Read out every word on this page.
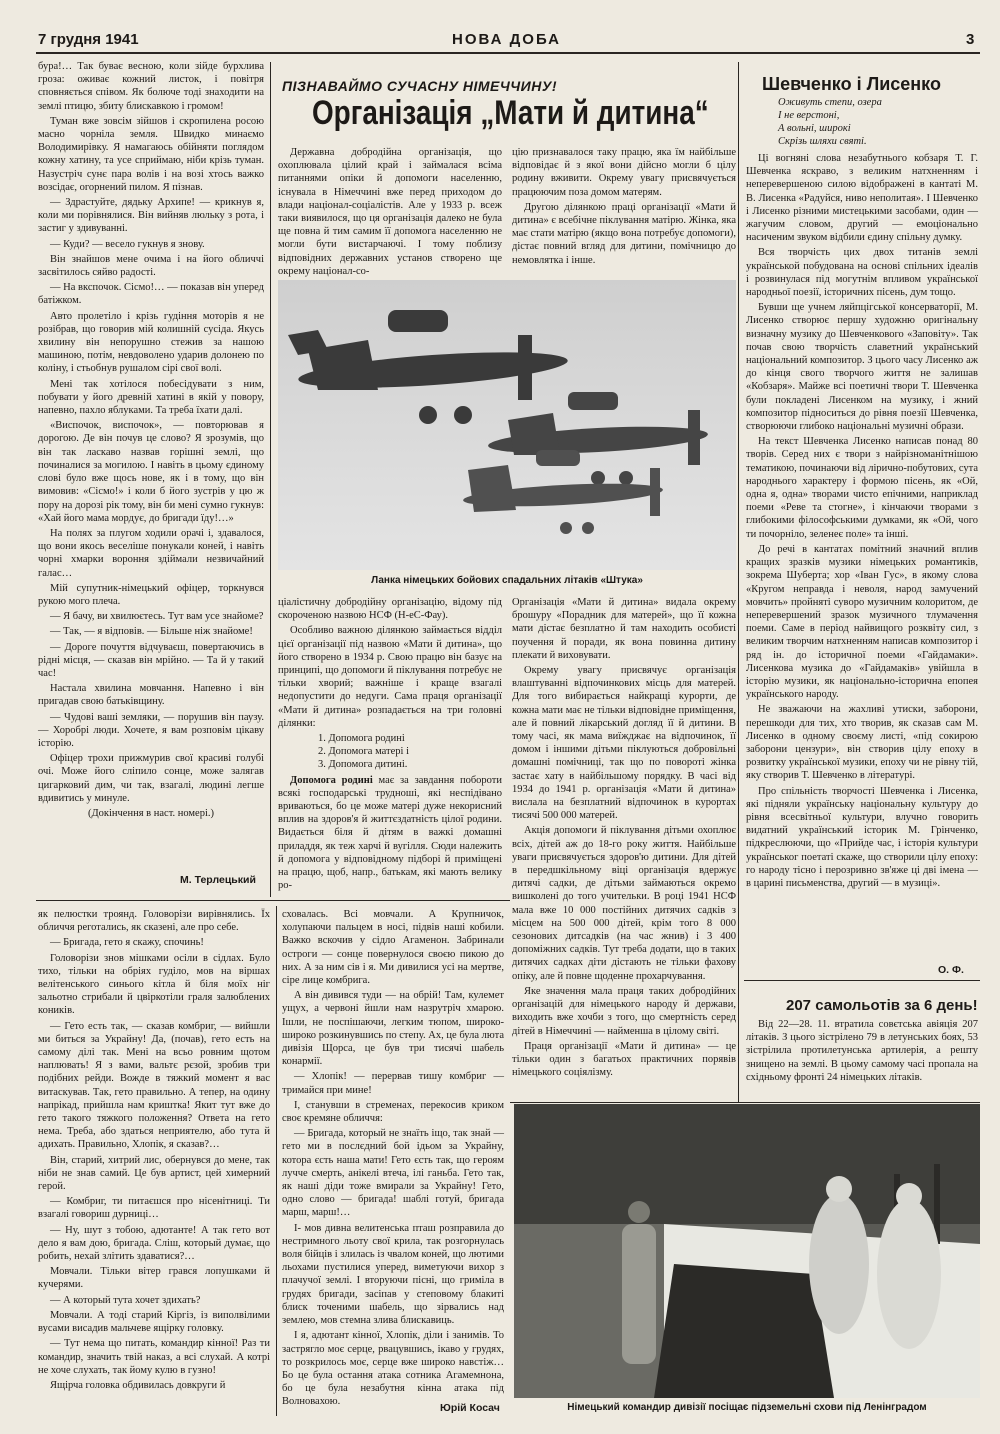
7 грудня 1941	НОВА ДОБА	3

бура!… Так буває весною, коли зійде бурхлива гроза: оживає кожний листок, і повітря сповняється співом. Як болюче тоді знаходити на землі птицю, збиту блискавкою і громом!

Туман вже зовсім зійшов і скропилена росою масно чорніла земля. Швидко минаємо Володимирівку. Я намагаюсь обійняти поглядом кожну хатину, та усе сприймаю, ніби крізь туман. Назустріч сунє пара волів і на возі хтось важко возсідає, огорнений пилом. Я пізнав.

— Здрастуйте, дядьку Архипе! — крикнув я, коли ми порівнялися. Він вийняв люльку з рота, і застиг у здивуванні.

— Куди? — весело гукнув я знову.

Він знайшов мене очима і на його обличчі засвітилось сяйво радості.

— На вкспочок. Сісмо!… — показав він уперед батіжком.

Авто пролетіло і крізь гудіння моторів я не розібрав, що говорив мій колишній сусіда. Якусь хвилину він непорушно стежив за нашою машиною, потім, невдоволено ударив долонею по коліну, і стьобнув рушалом сірі свої волі.

Мені так хотілося побесідувати з ним, побувати у його древній хатині в якій у повору, напевно, пахло яблуками. Та треба їхати далі.

«Виспочок, виспочок», — повторював я дорогою. Де він почув це слово? Я зрозумів, що він так ласкаво назвав горішні землі, що починалися за могилою. І навіть в цьому єдиному слові було вже щось нове, як і в тому, що він вимовив: «Сісмо!» і коли б його зустрів у цю ж пору на дорозі рік тому, він би мені сумно гукнув: «Хай його мама мордує, до бригади їду!…»

На полях за плугом ходили орачі і, здавалося, що вони якось веселіше понукали коней, і навіть чорні хмарки вороння здіймали незвичайний галас…

Мій супутник-німецький офіцер, торкнувся рукою мого плеча.

— Я бачу, ви хвилюєтесь. Тут вам усе знайоме?

— Так, — я відповів. — Більше ніж знайоме!

— Дороге почуття відчуваєш, повертаючись в рідні місця, — сказав він мрійно. — Та й у такий час!

Настала хвилина мовчання. Напевно і він пригадав свою батьківщину.

— Чудові ваші земляки, — порушив він паузу. — Хоробрі люди. Хочете, я вам розповім цікаву історію.

Офіцер трохи прижмурив свої красиві голубі очі. Може його сліпило сонце, може залягав цигарковий дим, чи так, взагалі, людині легше вдивитись у минуле.

(Докінчення в наст. номері.)

М. Терлецький
ПІЗНАВАЙМО СУЧАСНУ НІМЕЧЧИНУ!
Організація „Мати й дитина“

Державна добродійна організація, що охоплювала цілий край і займалася всіма питаннями опіки й допомоги населенню, існувала в Німеччині вже перед приходом до влади націонал-соціалістів. Але у 1933 р. всеж таки виявилося, що ця організація далеко не була ще повна й тим самим її допомога населенню не могли бути вистарчаючі. І тому поблизу відповідних державних установ створено ще окрему націонал-со-

цію признавалося таку працю, яка їм найбільше відповідає й з якої вони дійсно могли б цілу родину вживити. Окрему увагу присвячується працюючим поза домом матерям.

Другою ділянкою праці організації «Мати й дитина» є всебічне піклування матірю. Жінка, яка має стати матірю (якщо вона потребує допомоги), дістає повний вгляд для дитини, помічницю до немовлятка і інше.

Ланка німецьких бойових спадальних літаків «Штука»

ціалістичну добродійну організацію, відому під скороченою назвою НСФ (Н-еС-Фау).

Особливо важною ділянкою займається відділ цієї організації під назвою «Мати й дитина», що його створено в 1934 р. Свою працю він базує на принципі, що допомоги й піклування потребує не тільки хворий; важніше і краще взагалі недопустити до недуги. Сама праця організації «Мати й дитина» розпадається на три головні ділянки:

1. Допомога родині
2. Допомога матері і
3. Допомога дитині.

Допомога родині має за завдання побороти всякі господарські трудноші, які неспідівано вриваються, бо це може матері дуже некорисний вплив на здоров'я й життєздатність цілої родини. Видається біля й дітям в важкі домашні приладдя, як теж харчі й вугілля. Сюди належить й допомога у відповідному підборі й приміщені на працю, щоб, напр., батькам, які мають велику ро-

Організація «Мати й дитина» видала окрему брошуру «Порадник для матерей», що її кожна мати дістає безплатно й там находить особисті поучення й поради, як вона повинна дитину плекати й виховувати.

Окрему увагу присвячує організація влаштуванні відпочинкових місць для матерей. Для того вибирається найкращі курорти, де кожна мати має не тільки відповідне приміщення, але й повний лікарський догляд її й дитини. В тому часі, як мама виїжджає на відпочинок, її домом і іншими дітьми піклуються добровільні домашні помічниці, так що по повороті жінка застає хату в найбільшому порядку. В часі від 1934 до 1941 р. організація «Мати й дитина» вислала на безплатний відпочинок в курортах тисячі 500 000 матерей.

Акція допомоги й піклування дітьми охоплює всіх, дітей аж до 18-го року життя. Найбільше уваги присвячується здоров'ю дитини. Для дітей в передшкільному віці організація вдержує дитячі садки, де дітьми займаються окремо вишколені до того учительки. В році 1941 НСФ мала вже 10 000 постійних дитячих садків з місцем на 500 000 дітей, крім того 8 000 сезонових дитсадків (на час жнив) і 3 400 допоміжних садків. Тут треба додати, що в таких дитячих садках діти дістають не тільки фахову опіку, але й повне щоденне прохарчування.

Яке значення мала праця таких добродійних організацій для німецького народу й держави, виходить вже хочби з того, що смертність серед дітей в Німеччині — найменша в цілому світі.

Праця організації «Мати й дитина» — це тільки один з багатьох практичних порявів німецького соціялізму.

Шевченко і Лисенко
Оживуть степи, озера
І не верстоні,
А вольні, широкі
Скрізь шляхи святі.

Ці вогняні слова незабутнього кобзаря Т. Г. Шевченка яскраво, з великим натхненням і неперевершеною силою відображені в кантаті М. В. Лисенка «Радуйся, ниво неполитая». І Шевченко і Лисенко різними мистецькими засобами, один — жагучим словом, другий — емоціонально насиченим звуком відбили єдину спільну думку.

Вся творчість цих двох титанів землі українськой побудована на основі спільних ідеалів і розвинулася під могутнім впливом української народньої поезії, історичних пісень, дум тощо.

Бувши ще учнем ляйпцігської консерваторії, М. Лисенко створює першу художню оригінальну визначну музику до Шевченкового «Заповіту». Так почав свою творчість славетний український національний композитор. З цього часу Лисенко аж до кінця свого творчого життя не залишав «Кобзаря». Майже всі поетичні твори Т. Шевченка були покладені Лисенком на музику, і жний композитор підноситься до рівня поезії Шевченка, створюючи глибоко національні музичні образи.

На текст Шевченка Лисенко написав понад 80 творів. Серед них є твори з найрізноманітнішою тематикою, починаючи від лірично-побутових, сута народнього характеру і формою пісень, як «Ой, одна я, одна» творами чисто епічними, наприклад поеми «Реве та стогне», і кінчаючи творами з глибокими філософськими думками, як «Ой, чого ти почорніло, зеленеє поле» та інші.

До речі в кантатах помітний значний вплив кращих зразків музики німецьких романтиків, зокрема Шуберта; хор «Іван Гус», в якому слова «Кругом неправда і неволя, народ замучений мовчить» пройняті суворо музичним колоритом, де неперевершений зразок музичного тлумачення поеми. Саме в період найвищого розквіту сил, з великим творчим натхненням написав композитор і ряд ін. до історичної поеми «Гайдамаки». Лисенкова музика до «Гайдамаків» увійшла в історію музики, як національно-історична епопея українського народу.

Не зважаючи на жахливі утиски, заборони, перешкоди для тих, хто творив, як сказав сам М. Лисенко в одному своєму листі, «під сокирою заборони цензури», він створив цілу епоху в розвитку української музики, епоху чи не рівну тій, яку створив Т. Шевченко в літературі.

Про спільність творчості Шевченка і Лисенка, які підняли українську національну культуру до рівня всесвітньої культури, влучно говорить видатний український історик М. Грінченко, підкреслюючи, що «Прийде час, і історія культури українськог поетаті скаже, що створили цілу епоху: го народу тісно і перозривно зв'яже ці дві імена — в царині письменства, другий — в музиці».

О. Ф.
207 самольотів за 6 день!

Від 22—28. 11. втратила совєтська авіяція 207 літаків. З цього зістрілено 79 в летунських боях, 53 зістрілила протилетунська артилерія, а решту знищено на землі. В цьому самому часі пропала на східньому фронті 24 німецьких літаків.

як пелюстки троянд. Головорізи вирівнялись. Їх обличчя реготались, як сказені, але про себе.

— Бригада, гето я скажу, спочинь!

Головорізи знов мішками осіли в сідлах. Було тихо, тільки на обріях гуділо, мов на віршах велітенського синього кітла й біля моїх ніг зальотно стрибали й цвіркотіли граля залюблених коників.

— Гето есть так, — сказав комбриг, — вийшли ми биться за Украйну! Да, (почав), гето есть на самому ділі так. Мені на всьо ровним щотом наплювать! Я з вами, вальтє рєзой, зробив три подібних рейди. Вожде в тяжкий момент я вас витаскував. Так, гето правильно. А тепер, на одину напрікад, прийшла нам криштка! Якит тут вже до гето такого тяжкого положення? Ответа на гето нема. Треба, або здаться неприятелю, або тута й адихать. Правильно, Хлопік, я сказав?…

Він, старий, хитрий лис, обернувся до мене, так ніби не знав самий. Це був артист, цей химерний герой.

— Комбриг, ти питаєшся про нісенітниці. Ти взагалі говориш дурниці…

— Ну, шут з тобою, адютанте! А так гето вот дело я вам дою, бригада. Сліш, который думає, що робить, нехай злітить здаватися?…

Мовчали. Тільки вітер грався лопушками й кучерями.

— А который тута хочет здихать?

Мовчали. А тоді старий Кіргіз, із виполвілими вусами висадив мальчеве ящірку головку.

— Тут нема що питать, командир кінної! Раз ти командир, значить твій наказ, а всі слухай. А котрі не хоче слухать, так йому кулю в гузно!

Ящірча головка обдивилась довкруги й

сховалась. Всі мовчали. А Крупничок, холупаючи пальцем в носі, підвів наші кобили. Важко вскочив у сідло Агаменон. Забринали остроги — сонце повернулося своєю пикою до них. А за ним сів і я. Ми дивилися усі на мертве, сіре лице комбрига.

А він дивився туди — на обрій! Там, кулемет ущух, а червоні йшли нам назрутріч хмарою. Ішли, не поспішаючи, легким тюпом, широко-широко розкинувшись по степу. Ах, це була люта дивізія Щорса, це був три тисячі шабель конармії.

— Хлопік! — перервав тишу комбриг — тримайся при мине!

І, станувши в стременах, перекосив криком своє кремяне обличчя:

— Бригада, который не знаїть іщо, так знай — гето ми в послєдний бой ідьом за Украйну, котора єсть наша мати! Гето єсть так, що героям лучче смерть, анікелі втеча, ілі ганьба. Гето так, як наші діди тоже вмирали за Украйну! Гето, одно слово — бригада! шаблі готуй, бригада марш, марш!…

І- мов дивна велитенська пташ розправила до нестримного льоту свої крила, так розгорнулась воля бійців і злилась із чвалом коней, що лютими льохами пустилися уперед, виметуючи вихор з плачучої землі. І вторуючи пісні, що гриміла в грудях бригади, засіпав у степовому блакиті блиск точеними шабель, що зірвались над землею, мов стемна злива блискавиць.

І я, адютант кінної, Хлопік, діли і занимів. То застрягло моє серце, рвацувшись, ікаво у грудях, то розкрилось моє, серце вже широко навстіж… Бо це була остання атака сотника Агамемнона, бо це була незабутня кінна атака під Волновахою.

Юрій Косач	Німецький командир дивізії посіщає підземельні схови під Ленінградом
